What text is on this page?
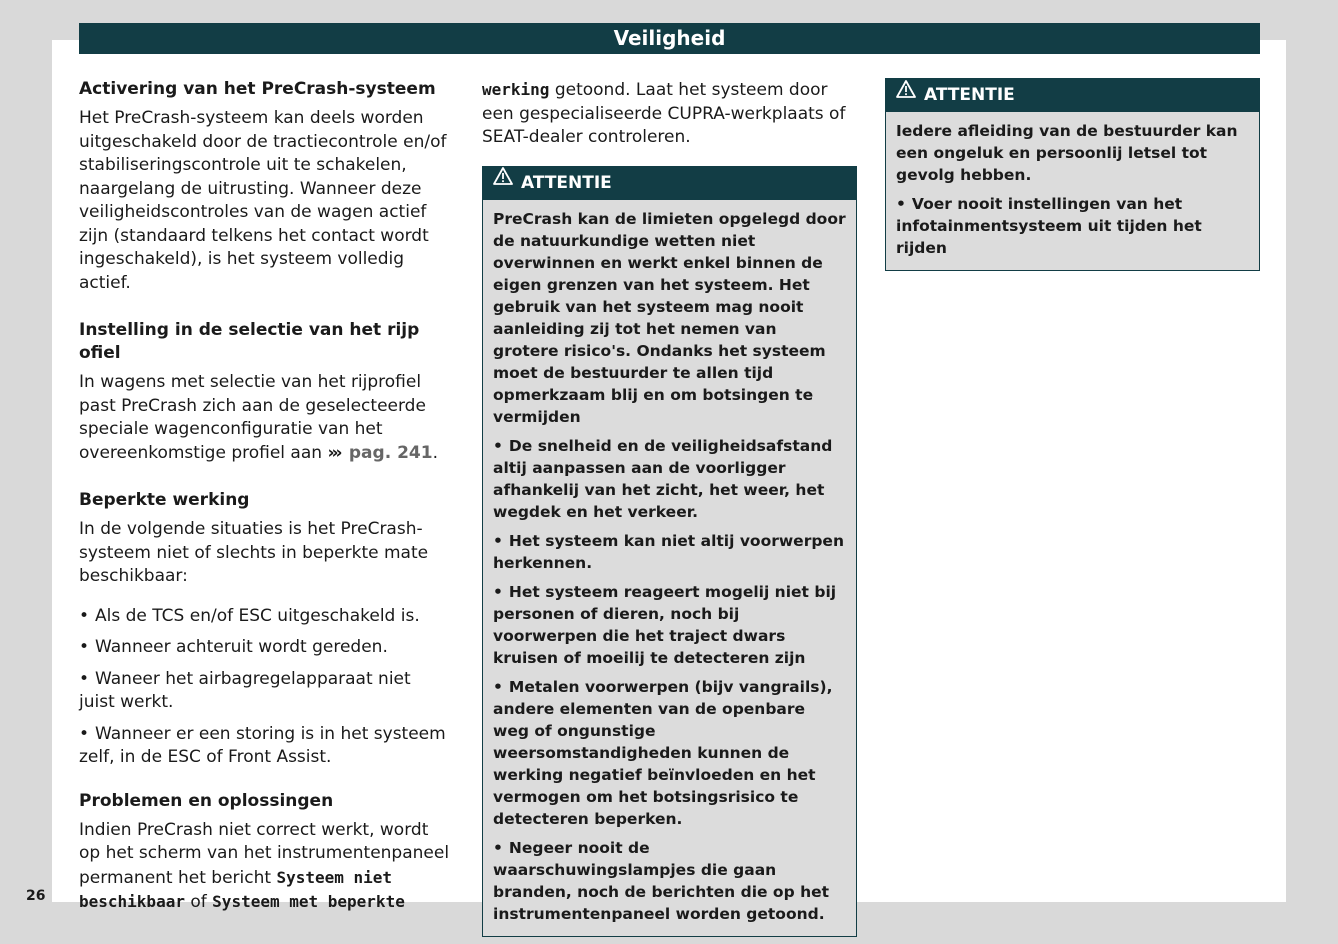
Veiligheid
Activering van het PreCrash-systeem

Het PreCrash-systeem kan deels worden uitgeschakeld door de tractiecontrole en/of stabiliseringscontrole uit te schakelen, naargelang de uitrusting. Wanneer deze veiligheidscontroles van de wagen actief zijn (standaard telkens het contact wordt ingeschakeld), is het systeem volledig actief.

Instelling in de selectie van het rijp ofiel

In wagens met selectie van het rijprofiel past PreCrash zich aan de geselecteerde speciale wagenconfiguratie van het overeenkomstige profiel aan ››› pag. 241.

Beperkte werking

In de volgende situaties is het PreCrash-systeem niet of slechts in beperkte mate beschikbaar:

• Als de TCS en/of ESC uitgeschakeld is.

• Wanneer achteruit wordt gereden.

• Waneer het airbagregelapparaat niet juist werkt.

• Wanneer er een storing is in het systeem zelf, in de ESC of Front Assist.

Problemen en oplossingen

Indien PreCrash niet correct werkt, wordt op het scherm van het instrumentenpaneel permanent het bericht Systeem niet beschikbaar of Systeem met beperkte

werking getoond. Laat het systeem door een gespecialiseerde CUPRA-werkplaats of SEAT-dealer controleren.

ATTENTIE

PreCrash kan de limieten opgelegd door de natuurkundige wetten niet overwinnen en werkt enkel binnen de eigen grenzen van het systeem. Het gebruik van het systeem mag nooit aanleiding zij tot het nemen van grotere risico's. Ondanks het systeem moet de bestuurder te allen tijd opmerkzaam blij en om botsingen te vermijden

• De snelheid en de veiligheidsafstand altij aanpassen aan de voorligger afhankelij van het zicht, het weer, het wegdek en het verkeer.

• Het systeem kan niet altij voorwerpen herkennen.

• Het systeem reageert mogelij niet bij personen of dieren, noch bij voorwerpen die het traject dwars kruisen of moeilij te detecteren zijn

• Metalen voorwerpen (bijv vangrails), andere elementen van de openbare weg of ongunstige weersomstandigheden kunnen de werking negatief beïnvloeden en het vermogen om het botsingsrisico te detecteren beperken.

• Negeer nooit de waarschuwingslampjes die gaan branden, noch de berichten die op het instrumentenpaneel worden getoond.

ATTENTIE

Iedere afleiding van de bestuurder kan een ongeluk en persoonlij letsel tot gevolg hebben.

• Voer nooit instellingen van het infotainmentsysteem uit tijden het rijden

26
